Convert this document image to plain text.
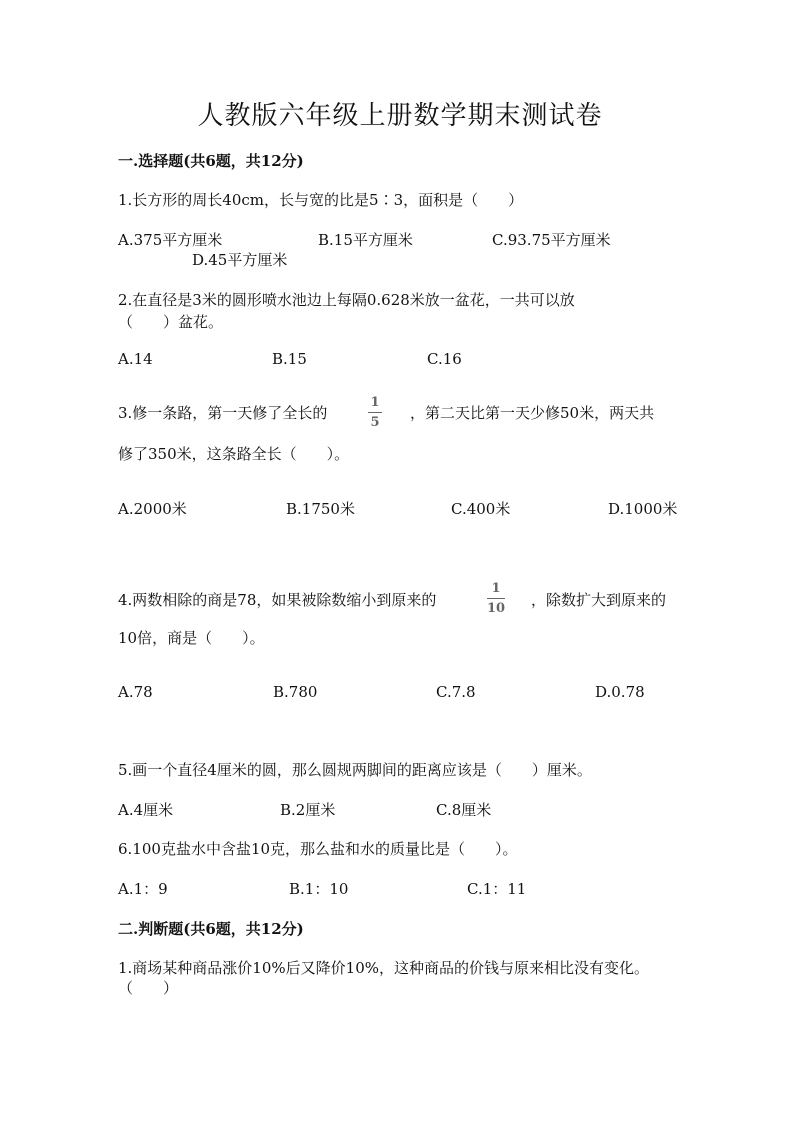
人教版六年级上册数学期末测试卷
一.选择题(共6题，共12分)
1.长方形的周长40cm，长与宽的比是5∶3，面积是（　　）
A.375平方厘米	B.15平方厘米	C.93.75平方厘米
D.45平方厘米
2.在直径是3米的圆形喷水池边上每隔0.628米放一盆花，一共可以放
（　　）盆花。
A.14	B.15	C.16
3.修一条路，第一天修了全长的
1
5
，第二天比第一天少修50米，两天共
修了350米，这条路全长（　　）。
A.2000米	B.1750米	C.400米	D.1000米
4.两数相除的商是78，如果被除数缩小到原来的
1
10 ，除数扩大到原来的
10倍，商是（　　）。
A.78	B.780	C.7.8	D.0.78
5.画一个直径4厘米的圆，那么圆规两脚间的距离应该是（　　）厘米。
A.4厘米	B.2厘米	C.8厘米
6.100克盐水中含盐10克，那么盐和水的质量比是（　　）。
A.1：9	B.1：10	C.1：11
二.判断题(共6题，共12分)
1.商场某种商品涨价10%后又降价10%，这种商品的价钱与原来相比没有变化。
（　　）
